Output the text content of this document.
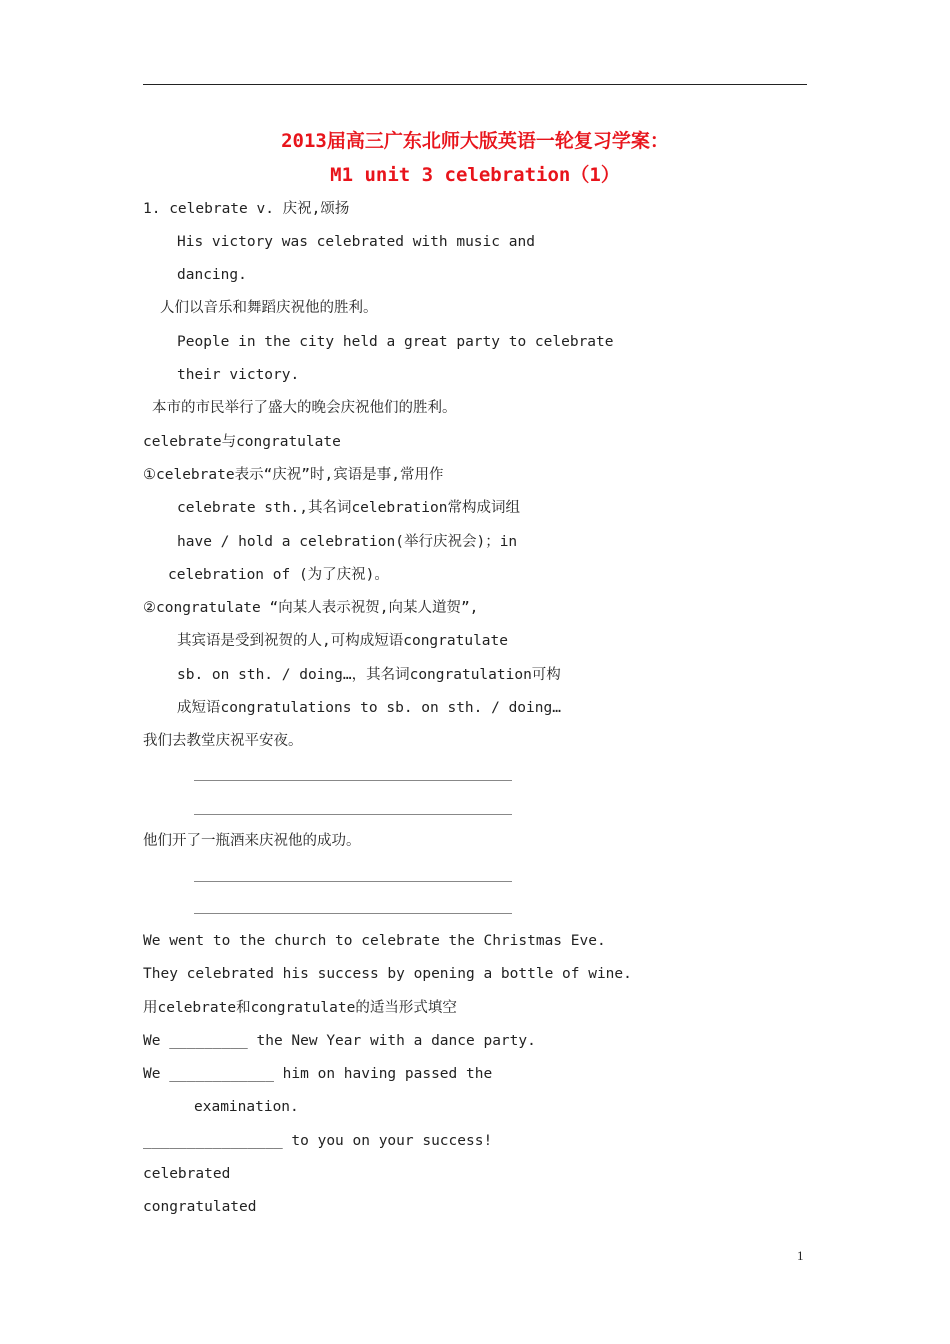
2013届高三广东北师大版英语一轮复习学案：
M1 unit 3 celebration（1）
1. celebrate v. 庆祝,颂扬
His victory was celebrated with music and
dancing.
人们以音乐和舞蹈庆祝他的胜利。
People in the city held a great party to celebrate
their victory.
本市的市民举行了盛大的晚会庆祝他们的胜利。
celebrate与congratulate
①celebrate表示“庆祝”时,宾语是事,常用作
celebrate sth.,其名词celebration常构成词组
have / hold a celebration(举行庆祝会)；in
celebration of (为了庆祝)。
②congratulate “向某人表示祝贺,向某人道贺”,
其宾语是受到祝贺的人,可构成短语congratulate
sb. on sth. / doing…，其名词congratulation可构
成短语congratulations to sb. on sth. / doing…
我们去教堂庆祝平安夜。
他们开了一瓶酒来庆祝他的成功。
We went to the church to celebrate the Christmas Eve.
They celebrated his success by opening a bottle of wine.
用celebrate和congratulate的适当形式填空
We _________ the New Year with a dance party.
We ____________ him on having passed the
examination.
________________ to you on your success!
celebrated
congratulated
1
